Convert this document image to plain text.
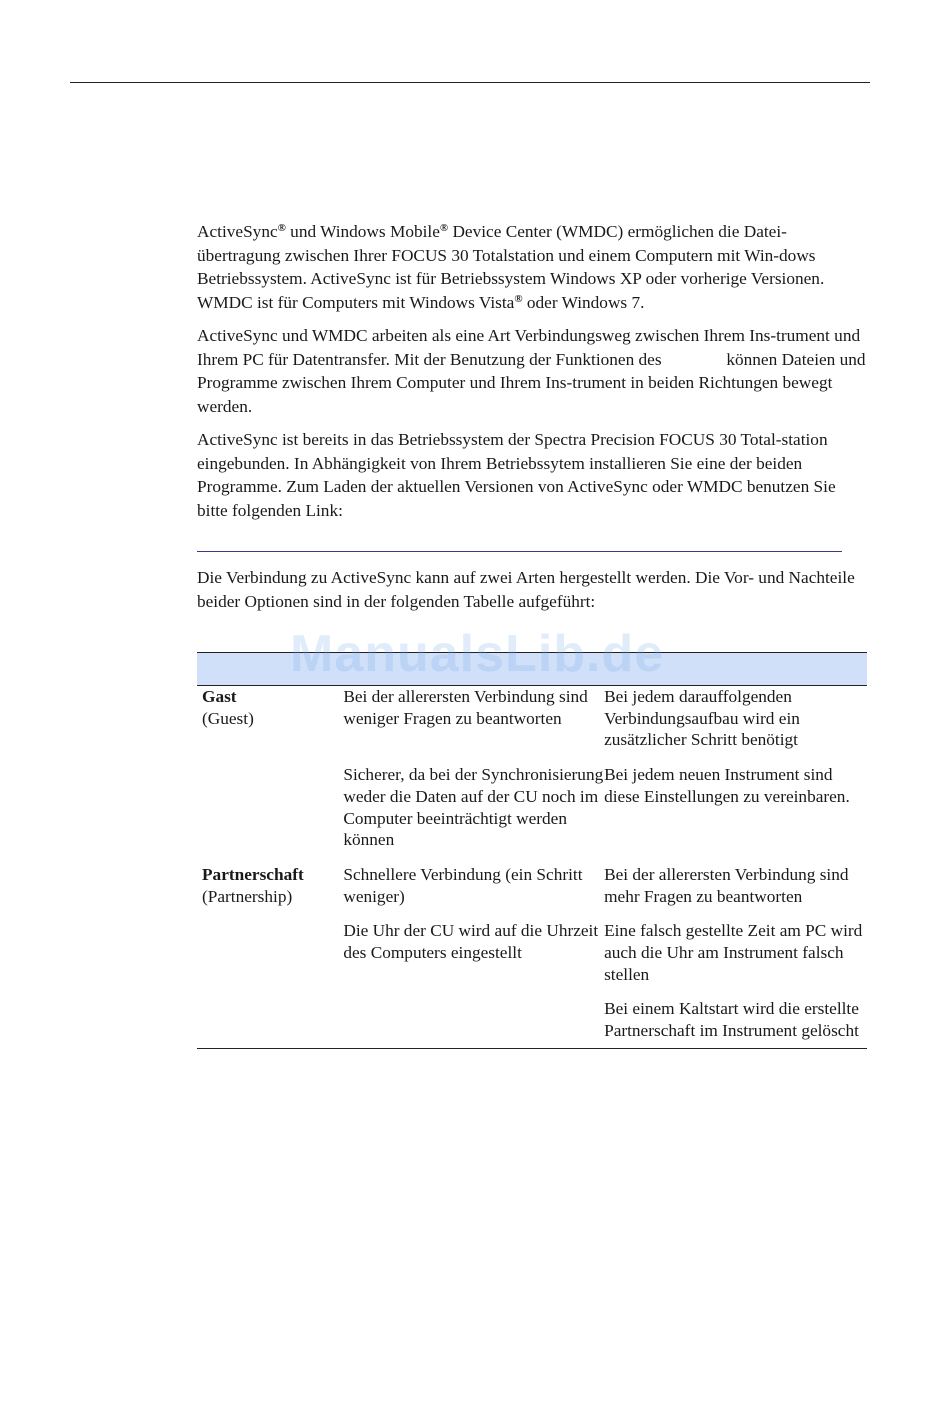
ActiveSync® und Windows Mobile® Device Center (WMDC) ermöglichen die Datei-übertragung zwischen Ihrer FOCUS 30 Totalstation und einem Computern mit Win-dows Betriebssystem. ActiveSync ist für Betriebssystem Windows XP oder vorherige Versionen. WMDC ist für Computers mit Windows Vista® oder Windows 7.

ActiveSync und WMDC arbeiten als eine Art Verbindungsweg zwischen Ihrem Ins-trument und Ihrem PC für Datentransfer. Mit der Benutzung der Funktionen des               können Dateien und Programme zwischen Ihrem Computer und Ihrem Ins-trument in beiden Richtungen bewegt werden.

ActiveSync ist bereits in das Betriebssystem der Spectra Precision FOCUS 30 Total-station eingebunden. In Abhängigkeit von Ihrem Betriebssytem installieren Sie eine der beiden Programme. Zum Laden der aktuellen Versionen von ActiveSync oder WMDC benutzen Sie bitte folgenden Link:

Die Verbindung zu ActiveSync kann auf zwei Arten hergestellt werden. Die Vor- und Nachteile beider Optionen sind in der folgenden Tabelle aufgeführt:

Gast
(Guest)	Bei der allerersten Verbindung sind weniger Fragen zu beantworten	Bei jedem darauffolgenden Verbindungsaufbau wird ein zusätzlicher Schritt benötigt

	Sicherer, da bei der Synchronisierung weder die Daten auf der CU noch im Computer beeinträchtigt werden können	Bei jedem neuen Instrument sind diese Einstellungen zu vereinbaren.

Partnerschaft
(Partnership)	Schnellere Verbindung (ein Schritt weniger)	Bei der allerersten Verbindung sind mehr Fragen zu beantworten

	Die Uhr der CU wird auf die Uhrzeit des Computers eingestellt	Eine falsch gestellte Zeit am PC wird auch die Uhr am Instrument falsch stellen

		Bei einem Kaltstart wird die erstellte Partnerschaft im Instrument gelöscht
ManualsLib.de
